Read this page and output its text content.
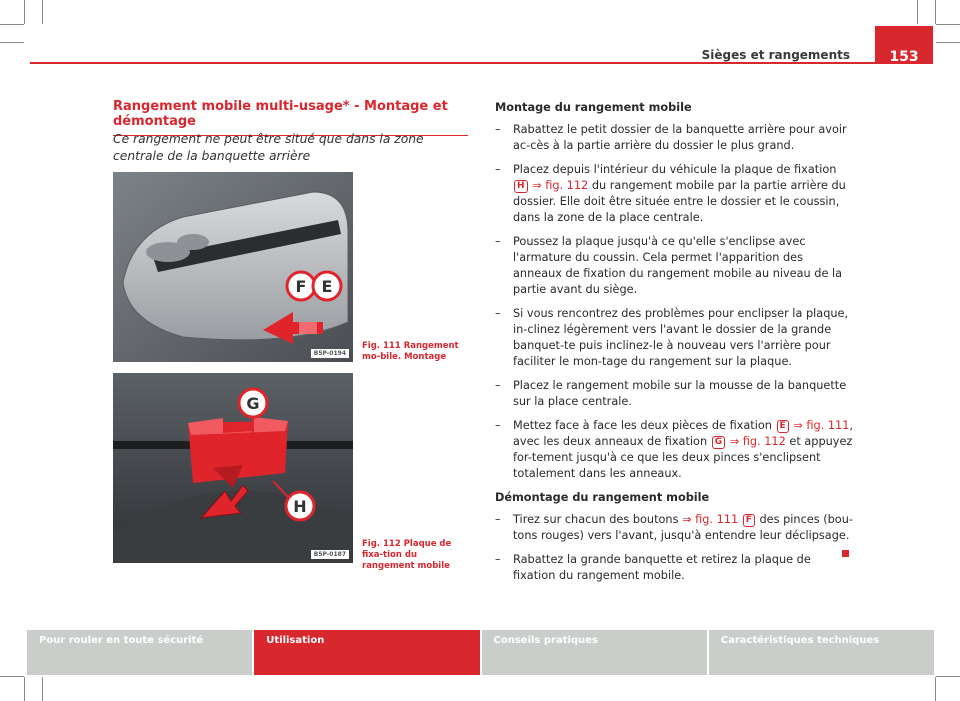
Sièges et rangements	153
Rangement mobile multi-usage* - Montage et démontage
Ce rangement ne peut être situé que dans la zone centrale de la banquette arrière
F E
B5P-0194
Fig. 111 Rangement mo-bile. Montage
G
H
B5P-0187
Fig. 112 Plaque de fixa-tion du rangement mobile
Montage du rangement mobile
– Rabattez le petit dossier de la banquette arrière pour avoir ac-cès à la partie arrière du dossier le plus grand.
– Placez depuis l'intérieur du véhicule la plaque de fixation H ⇒ fig. 112 du rangement mobile par la partie arrière du dossier. Elle doit être située entre le dossier et le coussin, dans la zone de la place centrale.
– Poussez la plaque jusqu'à ce qu'elle s'enclipse avec l'armature du coussin. Cela permet l'apparition des anneaux de fixation du rangement mobile au niveau de la partie avant du siège.
– Si vous rencontrez des problèmes pour enclipser la plaque, in-clinez légèrement vers l'avant le dossier de la grande banquet-te puis inclinez-le à nouveau vers l'arrière pour faciliter le mon-tage du rangement sur la plaque.
– Placez le rangement mobile sur la mousse de la banquette sur la place centrale.
– Mettez face à face les deux pièces de fixation E ⇒ fig. 111, avec les deux anneaux de fixation G ⇒ fig. 112 et appuyez for-tement jusqu'à ce que les deux pinces s'enclipsent totalement dans les anneaux.
Démontage du rangement mobile
– Tirez sur chacun des boutons ⇒ fig. 111 F des pinces (bou-tons rouges) vers l'avant, jusqu'à entendre leur déclipsage.
– Rabattez la grande banquette et retirez la plaque de fixation du rangement mobile.
Pour rouler en toute sécurité	Utilisation	Conseils pratiques	Caractéristiques techniques
